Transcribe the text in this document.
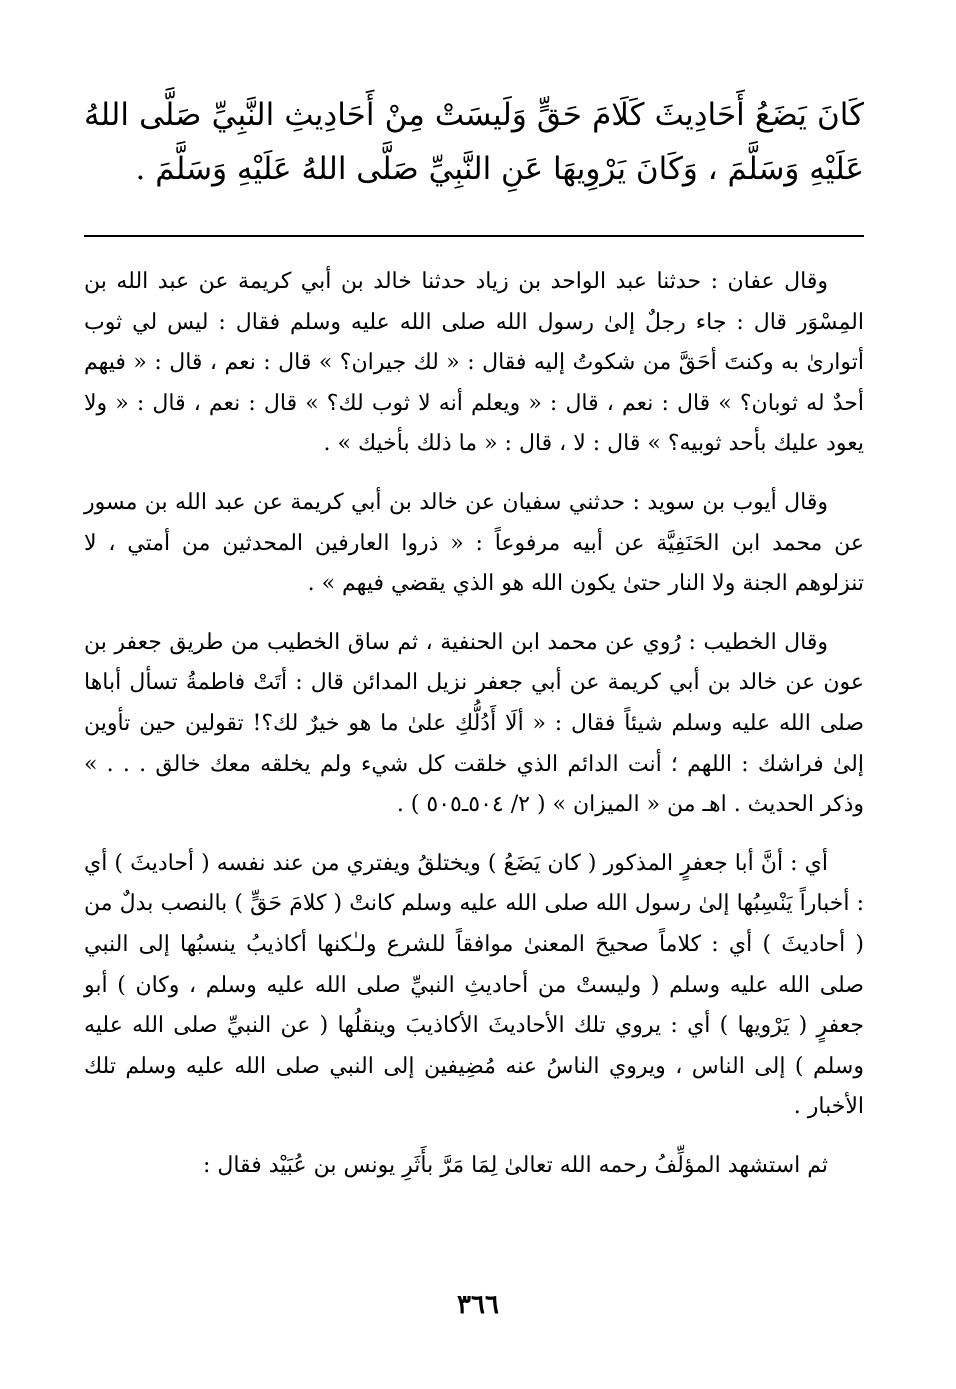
كَانَ يَضَعُ أَحَادِيثَ كَلَامَ حَقٍّ وَلَيسَتْ مِنْ أَحَادِيثِ النَّبِيِّ صَلَّى اللهُ عَلَيْهِ وَسَلَّمَ ، وَكَانَ يَرْوِيهَا عَنِ النَّبِيِّ صَلَّى اللهُ عَلَيْهِ وَسَلَّمَ .

وقال عفان : حدثنا عبد الواحد بن زياد حدثنا خالد بن أبي كريمة عن عبد الله بن المِسْوَر قال : جاء رجلٌ إلىٰ رسول الله صلى الله عليه وسلم فقال : ليس لي ثوب أتوارىٰ به وكنتَ أحَقَّ من شكوتُ إليه فقال : « لك جيران؟ » قال : نعم ، قال : « فيهم أحدٌ له ثوبان؟ » قال : نعم ، قال : « ويعلم أنه لا ثوب لك؟ » قال : نعم ، قال : « ولا يعود عليك بأحد ثوبيه؟ » قال : لا ، قال : « ما ذلك بأخيك » .

وقال أيوب بن سويد : حدثني سفيان عن خالد بن أبي كريمة عن عبد الله بن مسور عن محمد ابن الحَنَفِيَّة عن أبيه مرفوعاً : « ذروا العارفين المحدثين من أمتي ، لا تنزلوهم الجنة ولا النار حتىٰ يكون الله هو الذي يقضي فيهم » .

وقال الخطيب : رُوي عن محمد ابن الحنفية ، ثم ساق الخطيب من طريق جعفر بن عون عن خالد بن أبي كريمة عن أبي جعفر نزيل المدائن قال : أتَتْ فاطمةُ تسأل أباها صلى الله عليه وسلم شيئاً فقال : « ألَا أَدُلُّكِ علىٰ ما هو خيرٌ لك؟! تقولين حين تأوين إلىٰ فراشك : اللهم ؛ أنت الدائم الذي خلقت كل شيء ولم يخلقه معك خالق . . . » وذكر الحديث . اهـ من « الميزان » ( ٢/ ٥٠٤ـ٥٠٥ ) .

أي : أنَّ أبا جعفرٍ المذكور ( كان يَضَعُ ) ويختلقُ ويفتري من عند نفسه ( أحاديثَ ) أي : أخباراً يَنْسِبُها إلىٰ رسول الله صلى الله عليه وسلم كانتْ ( كلامَ حَقٍّ ) بالنصب بدلٌ من ( أحاديثَ ) أي : كلاماً صحيحَ المعنىٰ موافقاً للشرع ولـٰكنها أكاذيبُ ينسبُها إلى النبي صلى الله عليه وسلم ( وليستْ من أحاديثِ النبيِّ صلى الله عليه وسلم ، وكان ) أبو جعفرٍ ( يَرْويها ) أي : يروي تلك الأحاديثَ الأكاذيبَ وينقلُها ( عن النبيِّ صلى الله عليه وسلم ) إلى الناس ، ويروي الناسُ عنه مُضِيفين إلى النبي صلى الله عليه وسلم تلك الأخبار .

ثم استشهد المؤلِّفُ رحمه الله تعالىٰ لِمَا مَرَّ بأَثَرِ يونس بن عُبَيْد فقال :

٣٦٦
